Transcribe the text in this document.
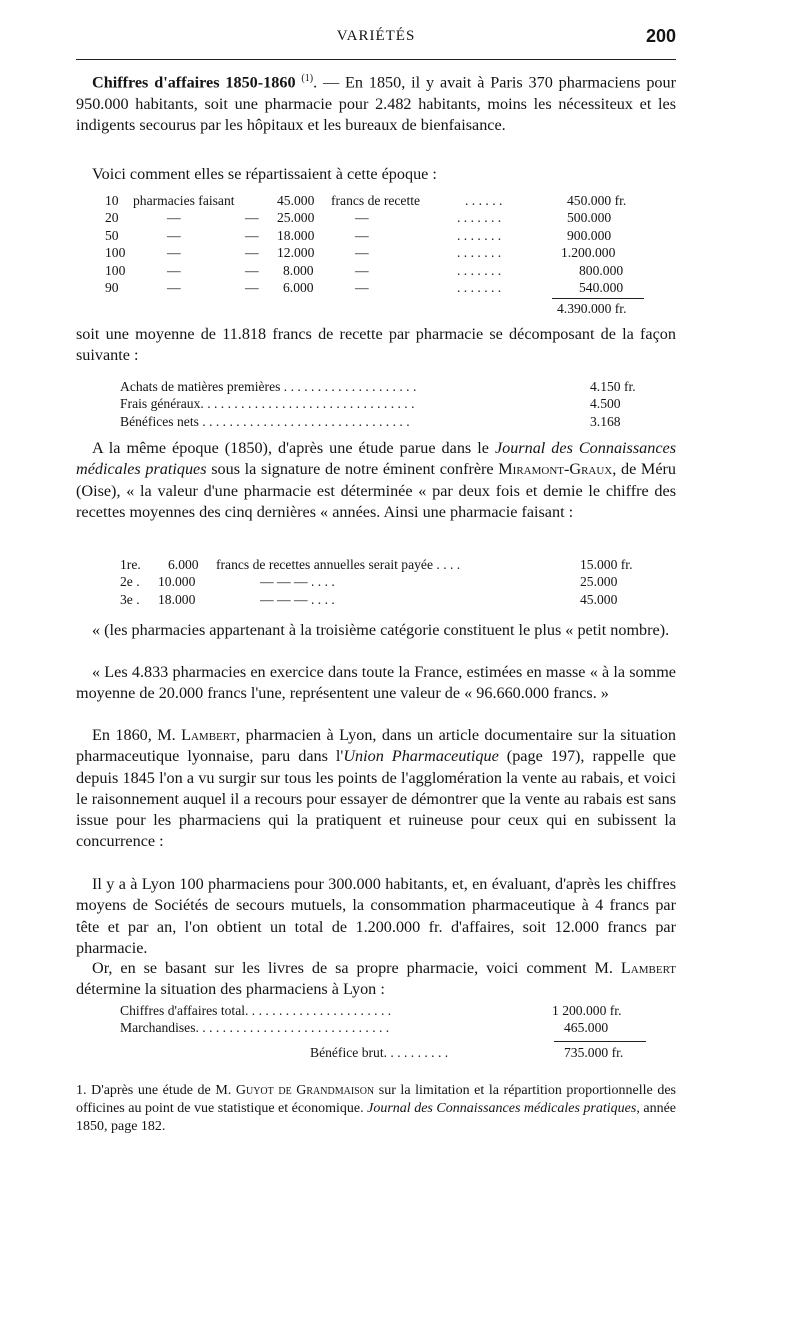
VARIÉTÉS	200

Chiffres d'affaires 1850-1860 $^{(1)}$. — En 1850, il y avait à Paris 370 pharmaciens pour 950.000 habitants, soit une pharmacie pour 2.482 habitants, moins les nécessiteux et les indigents secourus par les hôpitaux et les bureaux de bienfaisance.

Voici comment elles se répartissaient à cette époque :

10 pharmacies faisant	45.000 francs de recette	. . . . . .	450.000 fr.
20	—	— 25.000	—	. . . . . . .	500.000
50	—	— 18.000	—	. . . . . . .	900.000
100	—	— 12.000	—	. . . . . . .	1.200.000
100	—	— 8.000	—	. . . . . . .	800.000
90	—	— 6.000	—	. . . . . . .	540.000
4.390.000 fr.

soit une moyenne de 11.818 francs de recette par pharmacie se décomposant de la façon suivante :

Achats de matières premières . . . . . . . . . . . . . . . . . . . .	4.150 fr.
Frais généraux. . . . . . . . . . . . . . . . . . . . . . . . . . . . . . . .	4.500
Bénéfices nets . . . . . . . . . . . . . . . . . . . . . . . . . . . . . . .	3.168

A la même époque (1850), d'après une étude parue dans le Journal des Connaissances médicales pratiques sous la signature de notre éminent confrère Miramont-Graux, de Méru (Oise), « la valeur d'une pharmacie est déterminée « par deux fois et demie le chiffre des recettes moyennes des cinq dernières « années. Ainsi une pharmacie faisant :

1re. 6.000 francs de recettes annuelles serait payée . . . .	15.000 fr.
2e . 10.000	— — — . . . .	25.000
3e . 18.000	— — — . . . .	45.000

« (les pharmacies appartenant à la troisième catégorie constituent le plus « petit nombre).

« Les 4.833 pharmacies en exercice dans toute la France, estimées en masse « à la somme moyenne de 20.000 francs l'une, représentent une valeur de « 96.660.000 francs. »

En 1860, M. Lambert, pharmacien à Lyon, dans un article documentaire sur la situation pharmaceutique lyonnaise, paru dans l'Union Pharmaceutique (page 197), rappelle que depuis 1845 l'on a vu surgir sur tous les points de l'agglomération la vente au rabais, et voici le raisonnement auquel il a recours pour essayer de démontrer que la vente au rabais est sans issue pour les pharmaciens qui la pratiquent et ruineuse pour ceux qui en subissent la concurrence :

Il y a à Lyon 100 pharmaciens pour 300.000 habitants, et, en évaluant, d'après les chiffres moyens de Sociétés de secours mutuels, la consommation pharmaceutique à 4 francs par tête et par an, l'on obtient un total de 1.200.000 fr. d'affaires, soit 12.000 francs par pharmacie.

Or, en se basant sur les livres de sa propre pharmacie, voici comment M. Lambert détermine la situation des pharmaciens à Lyon :

Chiffres d'affaires total. . . . . . . . . . . . . . . . . . . . . .	1 200.000 fr.
Marchandises. . . . . . . . . . . . . . . . . . . . . . . . . . . . .	465.000
Bénéfice brut. . . . . . . . . .	735.000 fr.
1. D'après une étude de M. Guyot de Grandmaison sur la limitation et la répartition proportionnelle des officines au point de vue statistique et économique. Journal des Connaissances médicales pratiques, année 1850, page 182.
